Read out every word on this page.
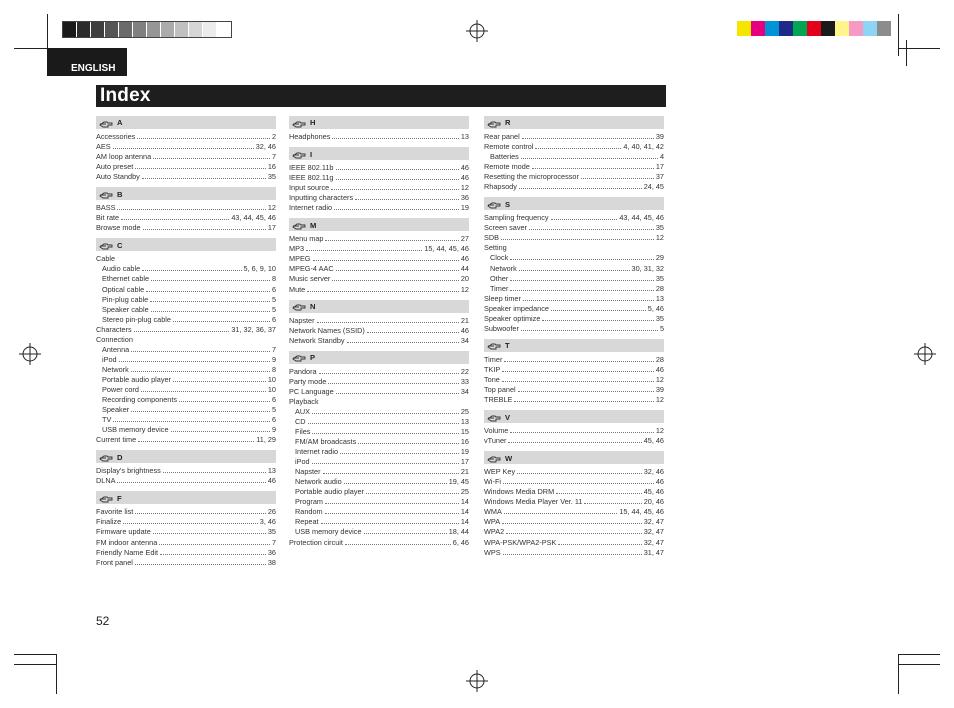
ENGLISH
Index
A
Accessories	2
AES	32, 46
AM loop antenna	7
Auto preset	16
Auto Standby	35
B
BASS	12
Bit rate	43, 44, 45, 46
Browse mode	17
C
Cable
Audio cable	5, 6, 9, 10
Ethernet cable	8
Optical cable	6
Pin-plug cable	5
Speaker cable	5
Stereo pin-plug cable	6
Characters	31, 32, 36, 37
Connection
Antenna	7
iPod	9
Network	8
Portable audio player	10
Power cord	10
Recording components	6
Speaker	5
TV	6
USB memory device	9
Current time	11, 29
D
Display’s brightness	13
DLNA	46
F
Favorite list	26
Finalize	3, 46
Firmware update	35
FM indoor antenna	7
Friendly Name Edit	36
Front panel	38
H
Headphones	13
I
IEEE 802.11b	46
IEEE 802.11g	46
Input source	12
Inputting characters	36
Internet radio	19
M
Menu map	27
MP3	15, 44, 45, 46
MPEG	46
MPEG-4 AAC	44
Music server	20
Mute	12
N
Napster	21
Network Names (SSID)	46
Network Standby	34
P
Pandora	22
Party mode	33
PC Language	34
Playback
AUX	25
CD	13
Files	15
FM/AM broadcasts	16
Internet radio	19
iPod	17
Napster	21
Network audio	19, 45
Portable audio player	25
Program	14
Random	14
Repeat	14
USB memory device	18, 44
Protection circuit	6, 46
R
Rear panel	39
Remote control	4, 40, 41, 42
Batteries	4
Remote mode	17
Resetting the microprocessor	37
Rhapsody	24, 45
S
Sampling frequency	43, 44, 45, 46
Screen saver	35
SDB	12
Setting
Clock	29
Network	30, 31, 32
Other	35
Timer	28
Sleep timer	13
Speaker impedance	5, 46
Speaker optimize	35
Subwoofer	5
T
Timer	28
TKIP	46
Tone	12
Top panel	39
TREBLE	12
V
Volume	12
vTuner	45, 46
W
WEP Key	32, 46
Wi-Fi	46
Windows Media DRM	45, 46
Windows Media Player Ver. 11	20, 46
WMA	15, 44, 45, 46
WPA	32, 47
WPA2	32, 47
WPA-PSK/WPA2-PSK	32, 47
WPS	31, 47
52
